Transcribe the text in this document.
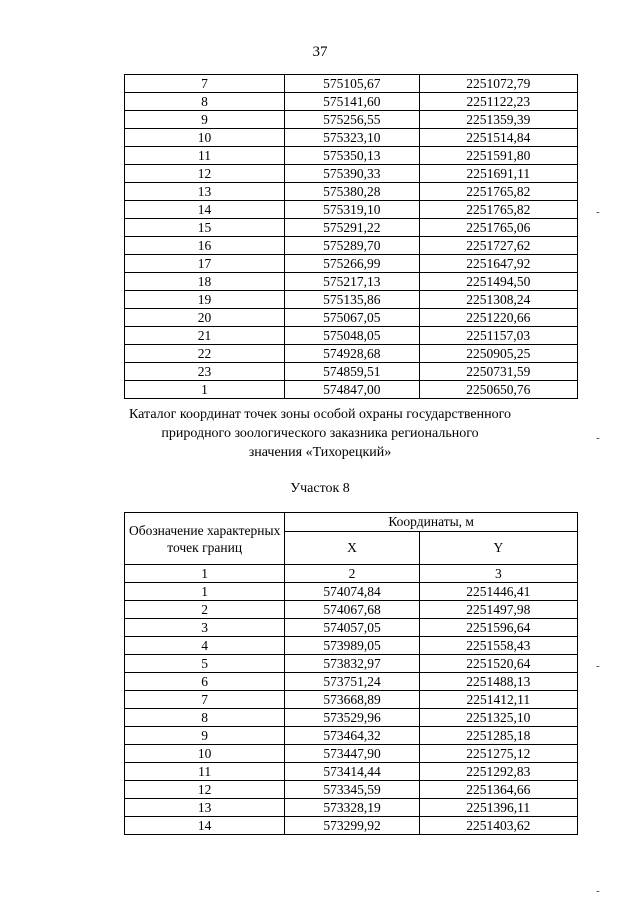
37
7	575105,67	2251072,79
8	575141,60	2251122,23
9	575256,55	2251359,39
10	575323,10	2251514,84
11	575350,13	2251591,80
12	575390,33	2251691,11
13	575380,28	2251765,82
14	575319,10	2251765,82
15	575291,22	2251765,06
16	575289,70	2251727,62
17	575266,99	2251647,92
18	575217,13	2251494,50
19	575135,86	2251308,24
20	575067,05	2251220,66
21	575048,05	2251157,03
22	574928,68	2250905,25
23	574859,51	2250731,59
1	574847,00	2250650,76
Каталог координат точек зоны особой охраны государственного
природного зоологического заказника регионального
значения «Тихорецкий»
Участок 8
Обозначение характерных точек границ	Координаты, м	
	X	Y
1	2	3
1	574074,84	2251446,41
2	574067,68	2251497,98
3	574057,05	2251596,64
4	573989,05	2251558,43
5	573832,97	2251520,64
6	573751,24	2251488,13
7	573668,89	2251412,11
8	573529,96	2251325,10
9	573464,32	2251285,18
10	573447,90	2251275,12
11	573414,44	2251292,83
12	573345,59	2251364,66
13	573328,19	2251396,11
14	573299,92	2251403,62
-
-
-
-
